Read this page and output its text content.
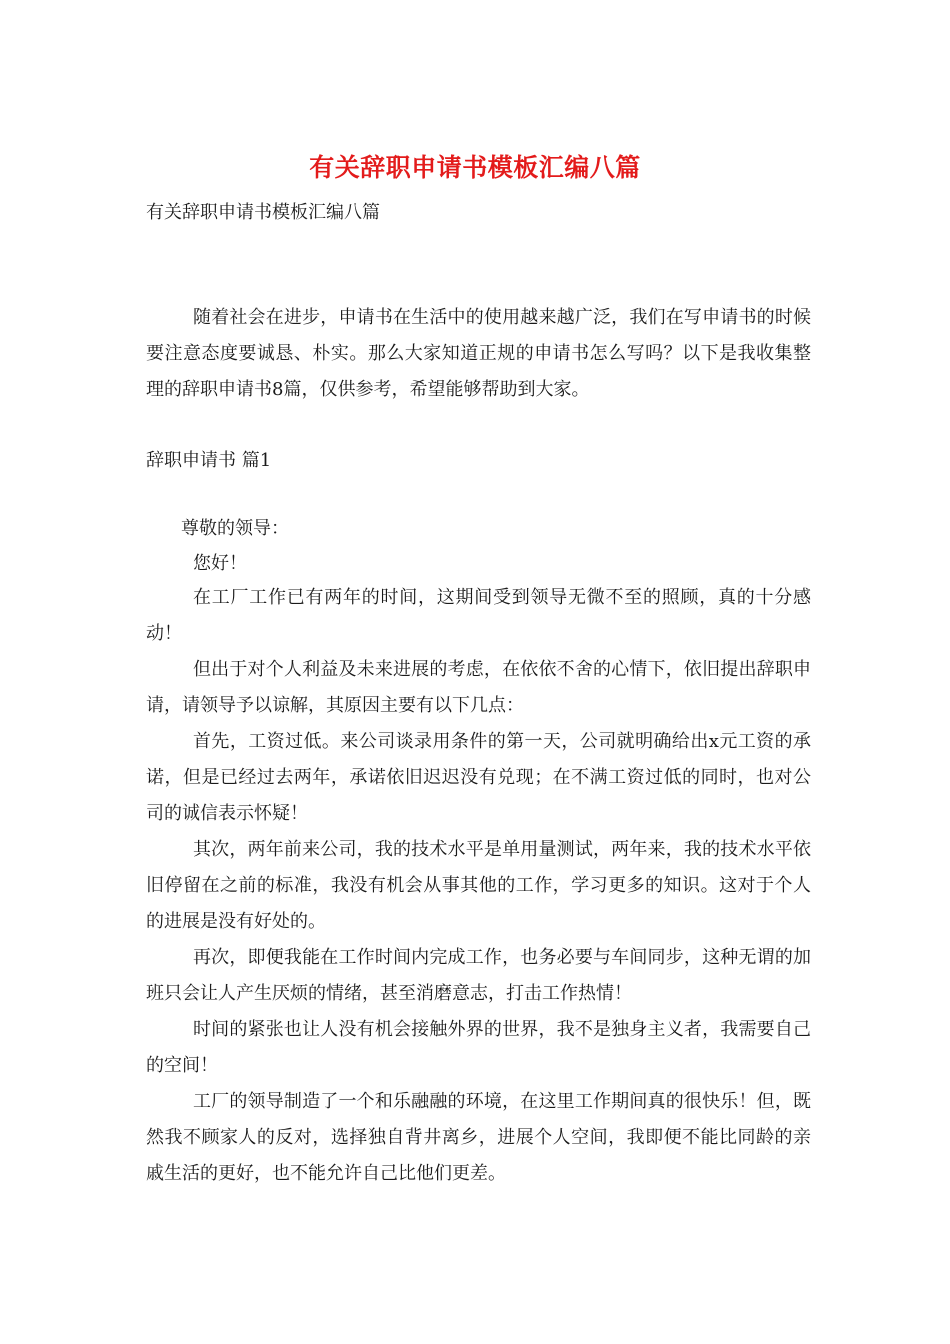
有关辞职申请书模板汇编八篇
有关辞职申请书模板汇编八篇

随着社会在进步，申请书在生活中的使用越来越广泛，我们在写申请书的时候要注意态度要诚恳、朴实。那么大家知道正规的申请书怎么写吗？以下是我收集整理的辞职申请书8篇，仅供参考，希望能够帮助到大家。

辞职申请书 篇1
尊敬的领导：
您好！

在工厂工作已有两年的时间，这期间受到领导无微不至的照顾，真的十分感动！

但出于对个人利益及未来进展的考虑，在依依不舍的心情下，依旧提出辞职申请，请领导予以谅解，其原因主要有以下几点：

首先，工资过低。来公司谈录用条件的第一天，公司就明确给出x元工资的承诺，但是已经过去两年，承诺依旧迟迟没有兑现；在不满工资过低的同时，也对公司的诚信表示怀疑！

其次，两年前来公司，我的技术水平是单用量测试，两年来，我的技术水平依旧停留在之前的标准，我没有机会从事其他的工作，学习更多的知识。这对于个人的进展是没有好处的。

再次，即便我能在工作时间内完成工作，也务必要与车间同步，这种无谓的加班只会让人产生厌烦的情绪，甚至消磨意志，打击工作热情！

时间的紧张也让人没有机会接触外界的世界，我不是独身主义者，我需要自己的空间！

工厂的领导制造了一个和乐融融的环境，在这里工作期间真的很快乐！但，既然我不顾家人的反对，选择独自背井离乡，进展个人空间，我即便不能比同龄的亲戚生活的更好，也不能允许自己比他们更差。
